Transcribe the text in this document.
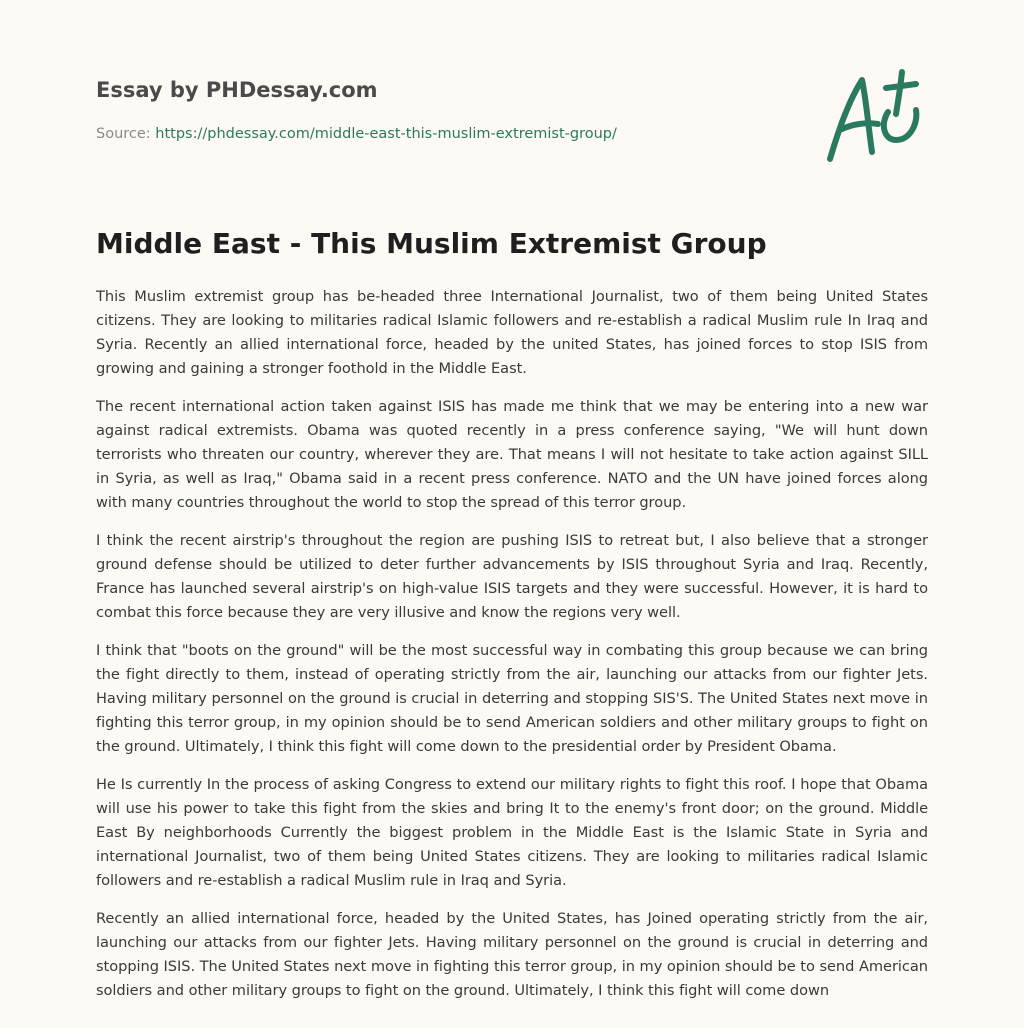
Essay by PHDessay.com
Source: https://phdessay.com/middle-east-this-muslim-extremist-group/
Middle East - This Muslim Extremist Group

This Muslim extremist group has be-headed three International Journalist, two of them being United States citizens. They are looking to militaries radical Islamic followers and re-establish a radical Muslim rule In Iraq and Syria. Recently an allied international force, headed by the united States, has joined forces to stop ISIS from growing and gaining a stronger foothold in the Middle East.

The recent international action taken against ISIS has made me think that we may be entering into a new war against radical extremists. Obama was quoted recently in a press conference saying, "We will hunt down terrorists who threaten our country, wherever they are. That means I will not hesitate to take action against SILL in Syria, as well as Iraq," Obama said in a recent press conference. NATO and the UN have joined forces along with many countries throughout the world to stop the spread of this terror group.

I think the recent airstrip's throughout the region are pushing ISIS to retreat but, I also believe that a stronger ground defense should be utilized to deter further advancements by ISIS throughout Syria and Iraq. Recently, France has launched several airstrip's on high-value ISIS targets and they were successful. However, it is hard to combat this force because they are very illusive and know the regions very well.

I think that "boots on the ground" will be the most successful way in combating this group because we can bring the fight directly to them, instead of operating strictly from the air, launching our attacks from our fighter Jets. Having military personnel on the ground is crucial in deterring and stopping SIS'S. The United States next move in fighting this terror group, in my opinion should be to send American soldiers and other military groups to fight on the ground. Ultimately, I think this fight will come down to the presidential order by President Obama.

He Is currently In the process of asking Congress to extend our military rights to fight this roof. I hope that Obama will use his power to take this fight from the skies and bring It to the enemy's front door; on the ground. Middle East By neighborhoods Currently the biggest problem in the Middle East is the Islamic State in Syria and international Journalist, two of them being United States citizens. They are looking to militaries radical Islamic followers and re-establish a radical Muslim rule in Iraq and Syria.

Recently an allied international force, headed by the United States, has Joined operating strictly from the air, launching our attacks from our fighter Jets. Having military personnel on the ground is crucial in deterring and stopping ISIS. The United States next move in fighting this terror group, in my opinion should be to send American soldiers and other military groups to fight on the ground. Ultimately, I think this fight will come down
